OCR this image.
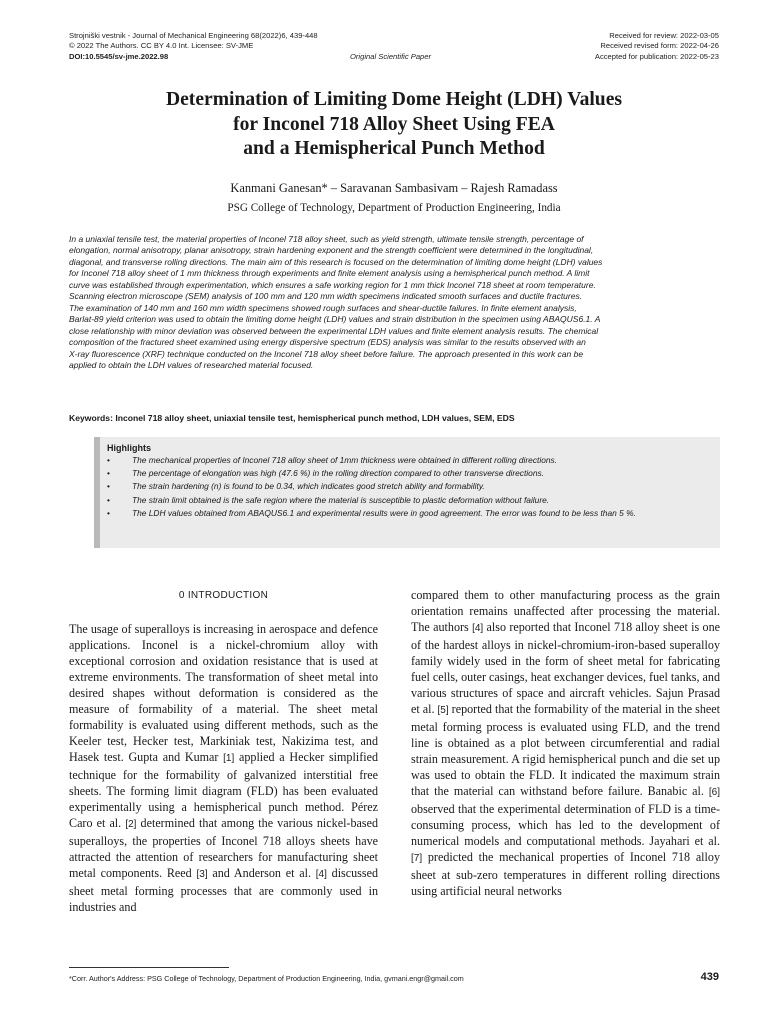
Strojniški vestnik - Journal of Mechanical Engineering 68(2022)6, 439-448
© 2022 The Authors. CC BY 4.0 Int. Licensee: SV-JME
DOI:10.5545/sv-jme.2022.98	Original Scientific Paper
Received for review: 2022-03-05
Received revised form: 2022-04-26
Accepted for publication: 2022-05-23
Determination of Limiting Dome Height (LDH) Values
for Inconel 718 Alloy Sheet Using FEA
and a Hemispherical Punch Method
Kanmani Ganesan* – Saravanan Sambasivam – Rajesh Ramadass
PSG College of Technology, Department of Production Engineering, India
In a uniaxial tensile test, the material properties of Inconel 718 alloy sheet, such as yield strength, ultimate tensile strength, percentage of
elongation, normal anisotropy, planar anisotropy, strain hardening exponent and the strength coefficient were determined in the longitudinal,
diagonal, and transverse rolling directions. The main aim of this research is focused on the determination of limiting dome height (LDH) values
for Inconel 718 alloy sheet of 1 mm thickness through experiments and finite element analysis using a hemispherical punch method. A limit
curve was established through experimentation, which ensures a safe working region for 1 mm thick Inconel 718 sheet at room temperature.
Scanning electron microscope (SEM) analysis of 100 mm and 120 mm width specimens indicated smooth surfaces and ductile fractures.
The examination of 140 mm and 160 mm width specimens showed rough surfaces and shear-ductile failures. In finite element analysis,
Barlat-89 yield criterion was used to obtain the limiting dome height (LDH) values and strain distribution in the specimen using ABAQUS6.1. A
close relationship with minor deviation was observed between the experimental LDH values and finite element analysis results. The chemical
composition of the fractured sheet examined using energy dispersive spectrum (EDS) analysis was similar to the results observed with an
X-ray fluorescence (XRF) technique conducted on the Inconel 718 alloy sheet before failure. The approach presented in this work can be
applied to obtain the LDH values of researched material focused.
Keywords: Inconel 718 alloy sheet, uniaxial tensile test, hemispherical punch method, LDH values, SEM, EDS
Highlights
• The mechanical properties of Inconel 718 alloy sheet of 1mm thickness were obtained in different rolling directions.
• The percentage of elongation was high (47.6 %) in the rolling direction compared to other transverse directions.
• The strain hardening (n) is found to be 0.34, which indicates good stretch ability and formability.
• The strain limit obtained is the safe region where the material is susceptible to plastic deformation without failure.
• The LDH values obtained from ABAQUS6.1 and experimental results were in good agreement. The error was found to be less than 5 %.
0 INTRODUCTION
The usage of superalloys is increasing in aerospace and defence applications. Inconel is a nickel-chromium alloy with exceptional corrosion and oxidation resistance that is used at extreme environments. The transformation of sheet metal into desired shapes without deformation is considered as the measure of formability of a material. The sheet metal formability is evaluated using different methods, such as the Keeler test, Hecker test, Markiniak test, Nakizima test, and Hasek test. Gupta and Kumar [1] applied a Hecker simplified technique for the formability of galvanized interstitial free sheets. The forming limit diagram (FLD) has been evaluated experimentally using a hemispherical punch method. Pérez Caro et al. [2] determined that among the various nickel-based superalloys, the properties of Inconel 718 alloys sheets have attracted the attention of researchers for manufacturing sheet metal components. Reed [3] and Anderson et al. [4] discussed sheet metal forming processes that are commonly used in industries and
compared them to other manufacturing process as the grain orientation remains unaffected after processing the material. The authors [4] also reported that Inconel 718 alloy sheet is one of the hardest alloys in nickel-chromium-iron-based superalloy family widely used in the form of sheet metal for fabricating fuel cells, outer casings, heat exchanger devices, fuel tanks, and various structures of space and aircraft vehicles. Sajun Prasad et al. [5] reported that the formability of the material in the sheet metal forming process is evaluated using FLD, and the trend line is obtained as a plot between circumferential and radial strain measurement. A rigid hemispherical punch and die set up was used to obtain the FLD. It indicated the maximum strain that the material can withstand before failure. Banabic al. [6] observed that the experimental determination of FLD is a time-consuming process, which has led to the development of numerical models and computational methods. Jayahari et al. [7] predicted the mechanical properties of Inconel 718 alloy sheet at sub-zero temperatures in different rolling directions using artificial neural networks
*Corr. Author's Address: PSG College of Technology, Department of Production Engineering, India, gvmani.engr@gmail.com	439
